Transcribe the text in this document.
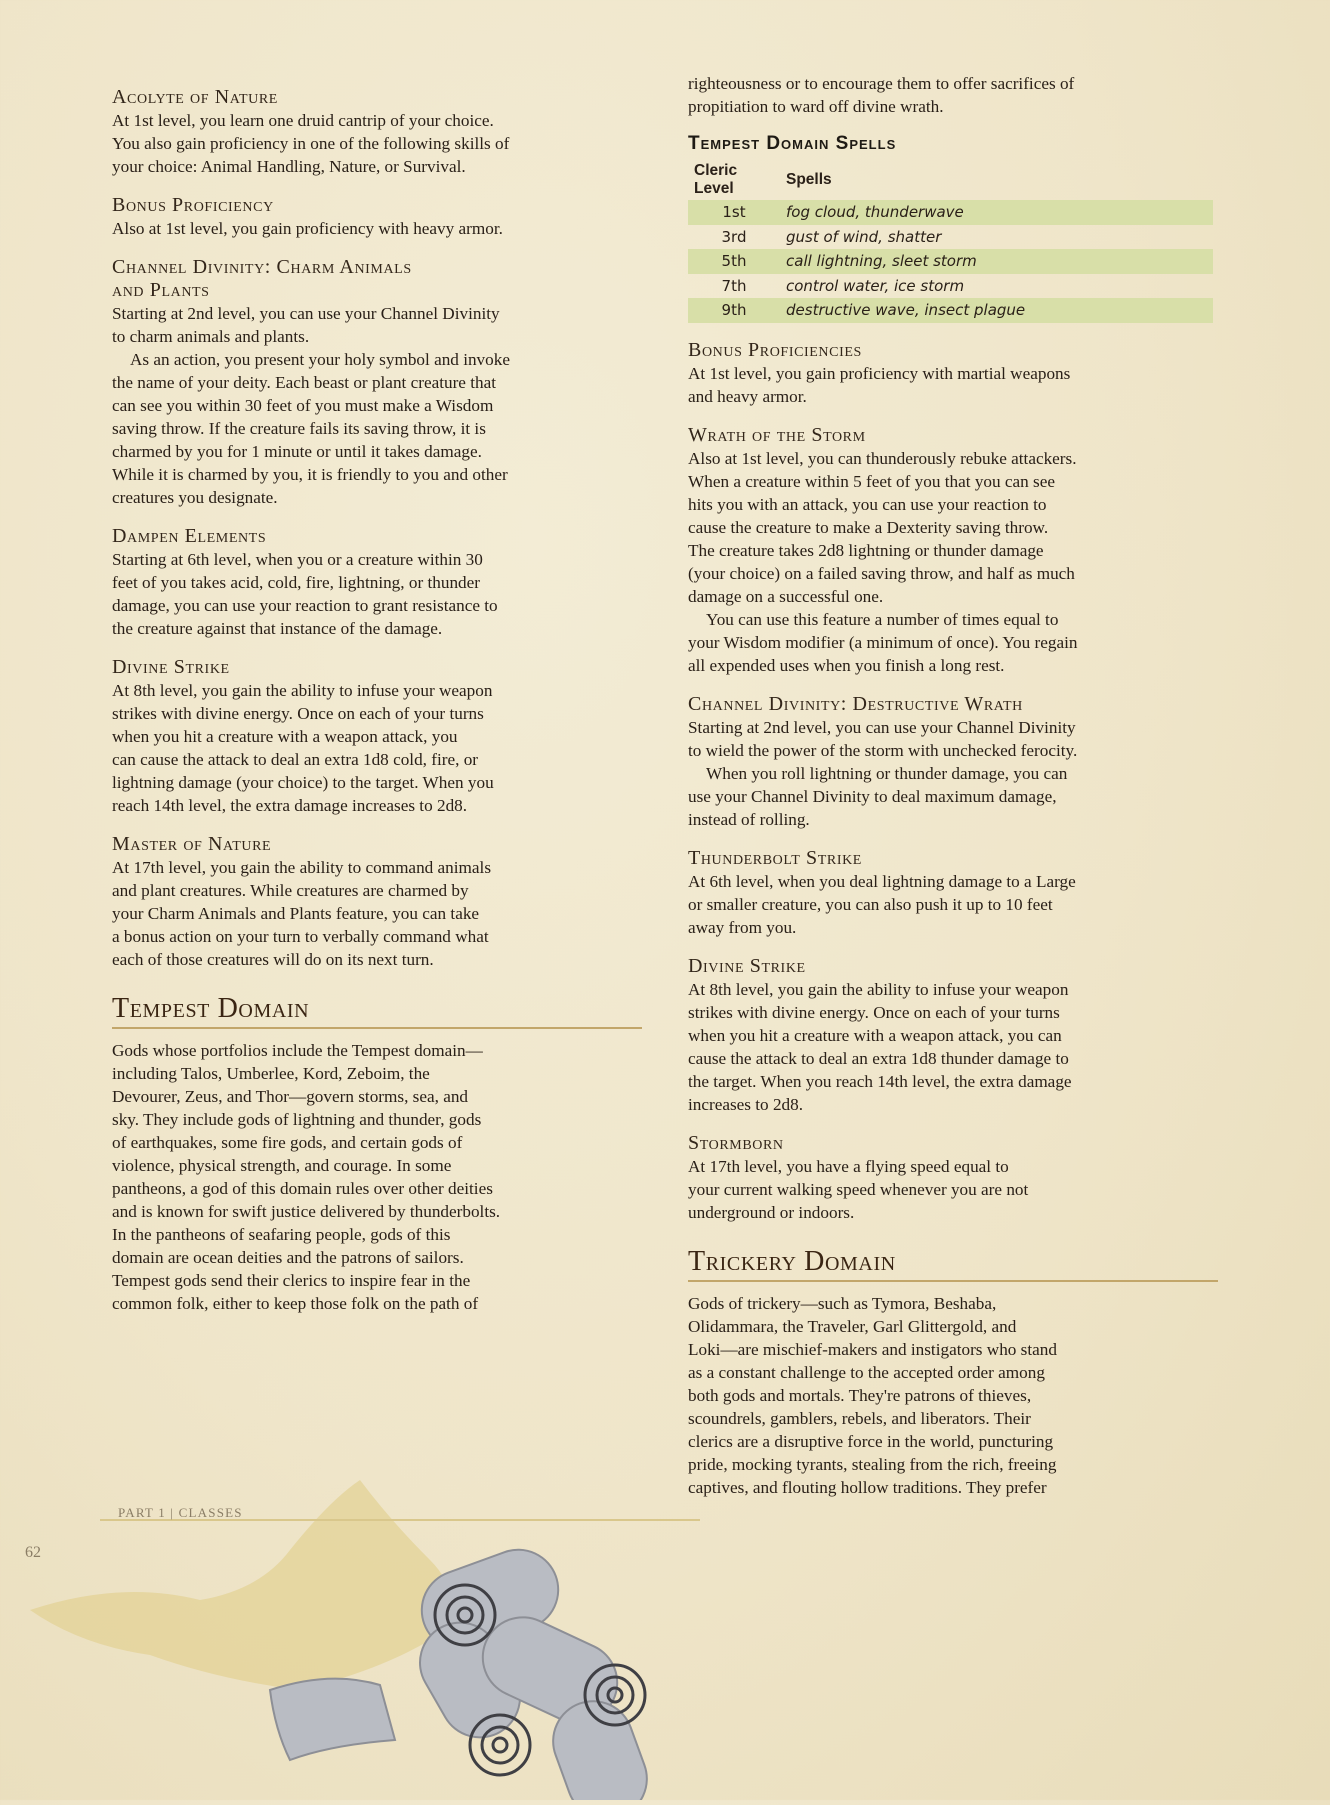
Acolyte of Nature
At 1st level, you learn one druid cantrip of your choice.
You also gain proficiency in one of the following skills of
your choice: Animal Handling, Nature, or Survival.
Bonus Proficiency
Also at 1st level, you gain proficiency with heavy armor.
Channel Divinity: Charm Animals
and Plants
Starting at 2nd level, you can use your Channel Divinity
to charm animals and plants.
As an action, you present your holy symbol and invoke
the name of your deity. Each beast or plant creature that
can see you within 30 feet of you must make a Wisdom
saving throw. If the creature fails its saving throw, it is
charmed by you for 1 minute or until it takes damage.
While it is charmed by you, it is friendly to you and other
creatures you designate.
Dampen Elements
Starting at 6th level, when you or a creature within 30
feet of you takes acid, cold, fire, lightning, or thunder
damage, you can use your reaction to grant resistance to
the creature against that instance of the damage.
Divine Strike
At 8th level, you gain the ability to infuse your weapon
strikes with divine energy. Once on each of your turns
when you hit a creature with a weapon attack, you
can cause the attack to deal an extra 1d8 cold, fire, or
lightning damage (your choice) to the target. When you
reach 14th level, the extra damage increases to 2d8.
Master of Nature
At 17th level, you gain the ability to command animals
and plant creatures. While creatures are charmed by
your Charm Animals and Plants feature, you can take
a bonus action on your turn to verbally command what
each of those creatures will do on its next turn.
Tempest Domain
Gods whose portfolios include the Tempest domain—
including Talos, Umberlee, Kord, Zeboim, the
Devourer, Zeus, and Thor—govern storms, sea, and
sky. They include gods of lightning and thunder, gods
of earthquakes, some fire gods, and certain gods of
violence, physical strength, and courage. In some
pantheons, a god of this domain rules over other deities
and is known for swift justice delivered by thunderbolts.
In the pantheons of seafaring people, gods of this
domain are ocean deities and the patrons of sailors.
Tempest gods send their clerics to inspire fear in the
common folk, either to keep those folk on the path of
righteousness or to encourage them to offer sacrifices of
propitiation to ward off divine wrath.
Tempest Domain Spells
Cleric Level	Spells
1st	fog cloud, thunderwave
3rd	gust of wind, shatter
5th	call lightning, sleet storm
7th	control water, ice storm
9th	destructive wave, insect plague
Bonus Proficiencies
At 1st level, you gain proficiency with martial weapons
and heavy armor.
Wrath of the Storm
Also at 1st level, you can thunderously rebuke attackers.
When a creature within 5 feet of you that you can see
hits you with an attack, you can use your reaction to
cause the creature to make a Dexterity saving throw.
The creature takes 2d8 lightning or thunder damage
(your choice) on a failed saving throw, and half as much
damage on a successful one.
You can use this feature a number of times equal to
your Wisdom modifier (a minimum of once). You regain
all expended uses when you finish a long rest.
Channel Divinity: Destructive Wrath
Starting at 2nd level, you can use your Channel Divinity
to wield the power of the storm with unchecked ferocity.
When you roll lightning or thunder damage, you can
use your Channel Divinity to deal maximum damage,
instead of rolling.
Thunderbolt Strike
At 6th level, when you deal lightning damage to a Large
or smaller creature, you can also push it up to 10 feet
away from you.
Divine Strike
At 8th level, you gain the ability to infuse your weapon
strikes with divine energy. Once on each of your turns
when you hit a creature with a weapon attack, you can
cause the attack to deal an extra 1d8 thunder damage to
the target. When you reach 14th level, the extra damage
increases to 2d8.
Stormborn
At 17th level, you have a flying speed equal to
your current walking speed whenever you are not
underground or indoors.
Trickery Domain
Gods of trickery—such as Tymora, Beshaba,
Olidammara, the Traveler, Garl Glittergold, and
Loki—are mischief-makers and instigators who stand
as a constant challenge to the accepted order among
both gods and mortals. They're patrons of thieves,
scoundrels, gamblers, rebels, and liberators. Their
clerics are a disruptive force in the world, puncturing
pride, mocking tyrants, stealing from the rich, freeing
captives, and flouting hollow traditions. They prefer
PART 1 | CLASSES
62
